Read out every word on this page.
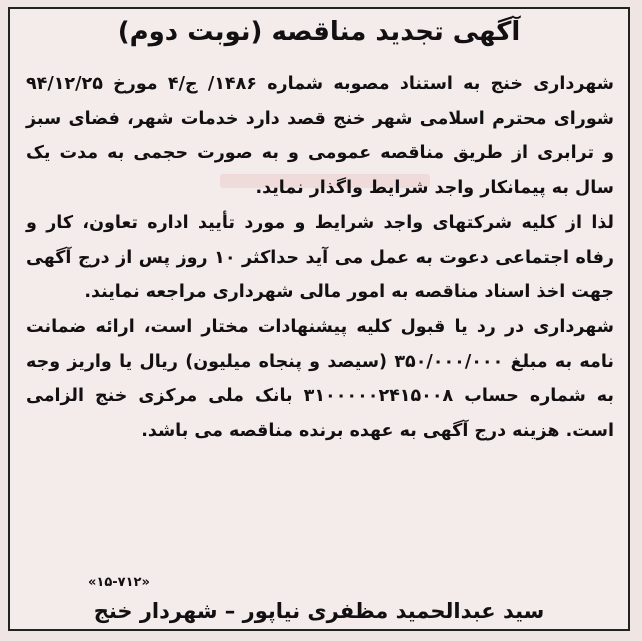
آگهی تجدید مناقصه (نوبت دوم)

شهرداری خنج به استناد مصوبه شماره ۱۴۸۶/ ج/۴ مورخ ۹۴/۱۲/۲۵ شورای محترم اسلامی شهر خنج قصد دارد خدمات شهر، فضای سبز و ترابری از طریق مناقصه عمومی و به صورت حجمی به مدت یک سال به پیمانکار واجد شرایط واگذار نماید.

لذا از کلیه شرکتهای واجد شرایط و مورد تأیید اداره تعاون، کار و رفاه اجتماعی دعوت به عمل می آید حداکثر ۱۰ روز پس از درج آگهی جهت اخذ اسناد مناقصه به امور مالی شهرداری مراجعه نمایند.

شهرداری در رد یا قبول کلیه پیشنهادات مختار است، ارائه ضمانت نامه به مبلغ ۳۵۰/۰۰۰/۰۰۰ (سیصد و پنجاه میلیون) ریال یا واریز وجه به شماره حساب ۳۱۰۰۰۰۰۲۴۱۵۰۰۸ بانک ملی مرکزی خنج الزامی است. هزینه درج آگهی به عهده برنده مناقصه می باشد.

«۱۵-۷۱۲»
سید عبدالحمید مظفری نیاپور – شهردار خنج
